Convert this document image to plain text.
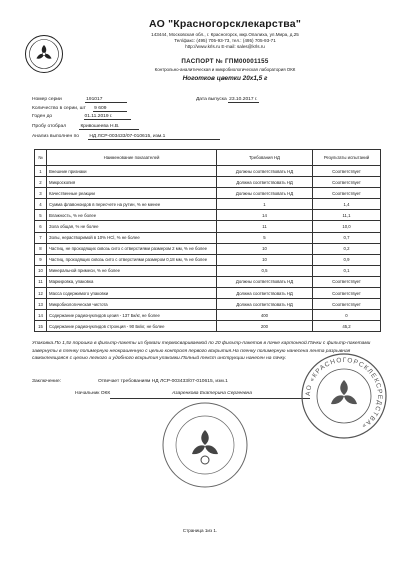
АО "Красногорсклекарства"
143444, Московская обл., г. Красногорск, мкр.Опалиха, ул.Мира, д.25
Тел/факс: (495) 705-93-73, тел.: (495) 705-93-71
http://www.krls.ru E-mail: sales@krls.ru
ПАСПОРТ № ГПМ00001155
Контрольно-аналитическая и микробиологическая лаборатория ОКК
Ноготков цветки 20х1,5 г
Номер серии	191017	Дата выпуска 23.10.2017 г.
Количество в серии, шт 9 609
Годен до	01.11.2019 г.
Пробу отобрал	Кривошеева Н.В.
Анализ выполнен по НД ЛСР-003433/07-010615, изм.1
№	Наименование показателей	Требования НД	Результаты испытаний
1	Внешние признаки	Должны соответствовать НД	Соответствует
2	Микроскопия	Должна соответствовать НД	Соответствует
3	Качественные реакции	Должны соответствовать НД	Соответствует
4	Сумма флавоноидов в пересчете на рутин, % не менее	1	1,4
5	Влажность, % не более	14	11,1
6	Зола общая, % не более	11	10,0
7	Золы, нерастворимой в 10% HCl, % не более	5	0,7
8	Частиц, не проходящих сквозь сито с отверстиями размером 2 мм, % не более	10	0,2
9	Частиц, проходящих сквозь сито с отверстиями размером 0,18 мм, % не более	10	0,9
10	Минеральной примеси, % не более	0,5	0,1
11	Маркировка, упаковка	Должны соответствовать НД	Соответствует
12	Масса содержимого упаковки	Должна соответствовать НД	Соответствует
13	Микробиологическая чистота	Должна соответствовать НД	Соответствует
14	Содержание радионуклидов цезия - 137 Бк/кг, не более	400	0
15	Содержание радионуклидов стронция - 90 Бк/кг, не более	200	45,2
Упаковка.По 1,5г порошка в фильтр-пакеты из бумаги термосвариваемой по 20 фильтр-пакетов в пачке картонной.Пачки с фильтр-пакетами завернуты в пленку полимерную неокрашенную с целью контроля первого вскрытия.На пленку полимерную нанесена лента разрывная самоклеящаяся с целью легкого и удобного вскрытия упаковки.Полный текст инструкции нанесен на пачку.
Заключение:	Отвечает требованиям НД ЛСР-003433/07-010615, изм.1
Начальник ОКК	Азаренкова Екатерина Сергеевна	АО «КРАСНОГОРСКЛЕКСРЕДСТВА»
Страница 1из 1.
